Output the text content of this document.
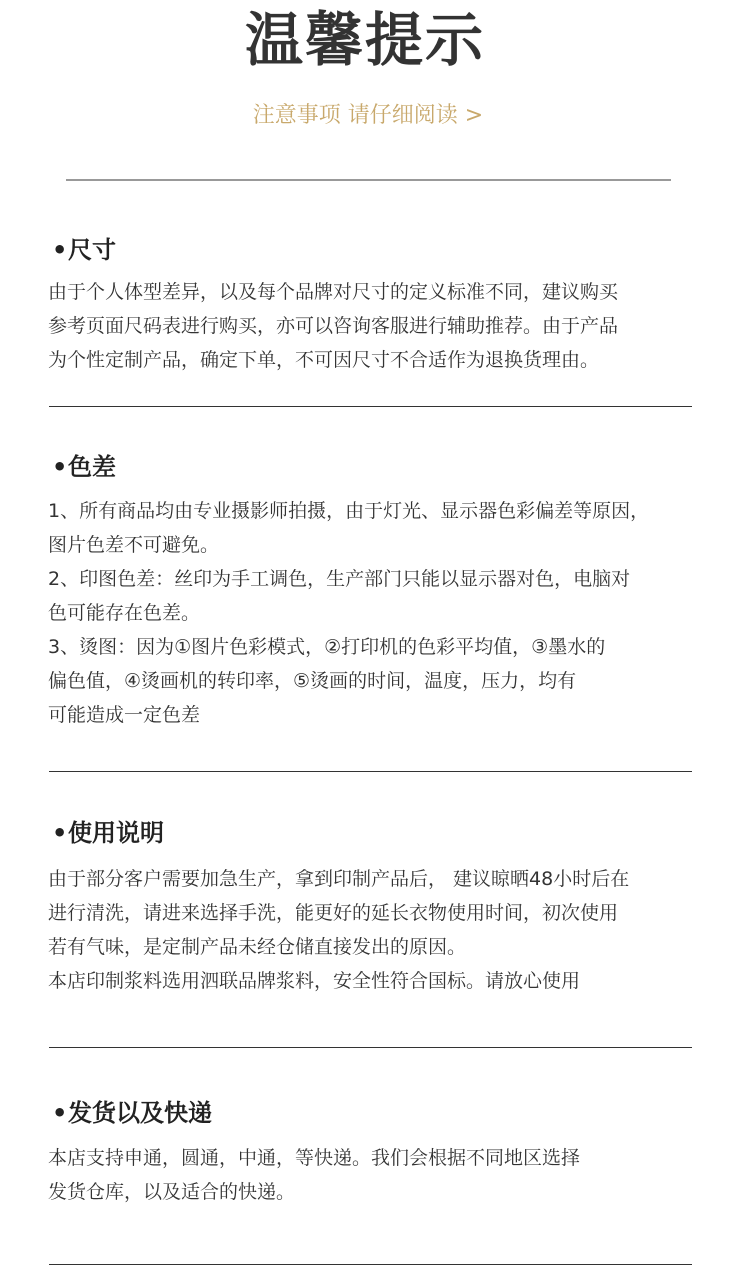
温馨提示
注意事项 请仔细阅读 >
•尺寸
由于个人体型差异，以及每个品牌对尺寸的定义标准不同，建议购买
参考页面尺码表进行购买，亦可以咨询客服进行辅助推荐。由于产品
为个性定制产品，确定下单，不可因尺寸不合适作为退换货理由。
•色差
1、所有商品均由专业摄影师拍摄，由于灯光、显示器色彩偏差等原因，
图片色差不可避免。
2、印图色差：丝印为手工调色，生产部门只能以显示器对色，电脑对
色可能存在色差。
3、烫图：因为①图片色彩模式，②打印机的色彩平均值，③墨水的
偏色值，④烫画机的转印率，⑤烫画的时间，温度，压力，均有
可能造成一定色差
•使用说明
由于部分客户需要加急生产，拿到印制产品后， 建议晾晒48小时后在
进行清洗，请进来选择手洗，能更好的延长衣物使用时间，初次使用
若有气味，是定制产品未经仓储直接发出的原因。
本店印制浆料选用泗联品牌浆料，安全性符合国标。请放心使用
•发货以及快递
本店支持申通，圆通，中通，等快递。我们会根据不同地区选择
发货仓库，以及适合的快递。
